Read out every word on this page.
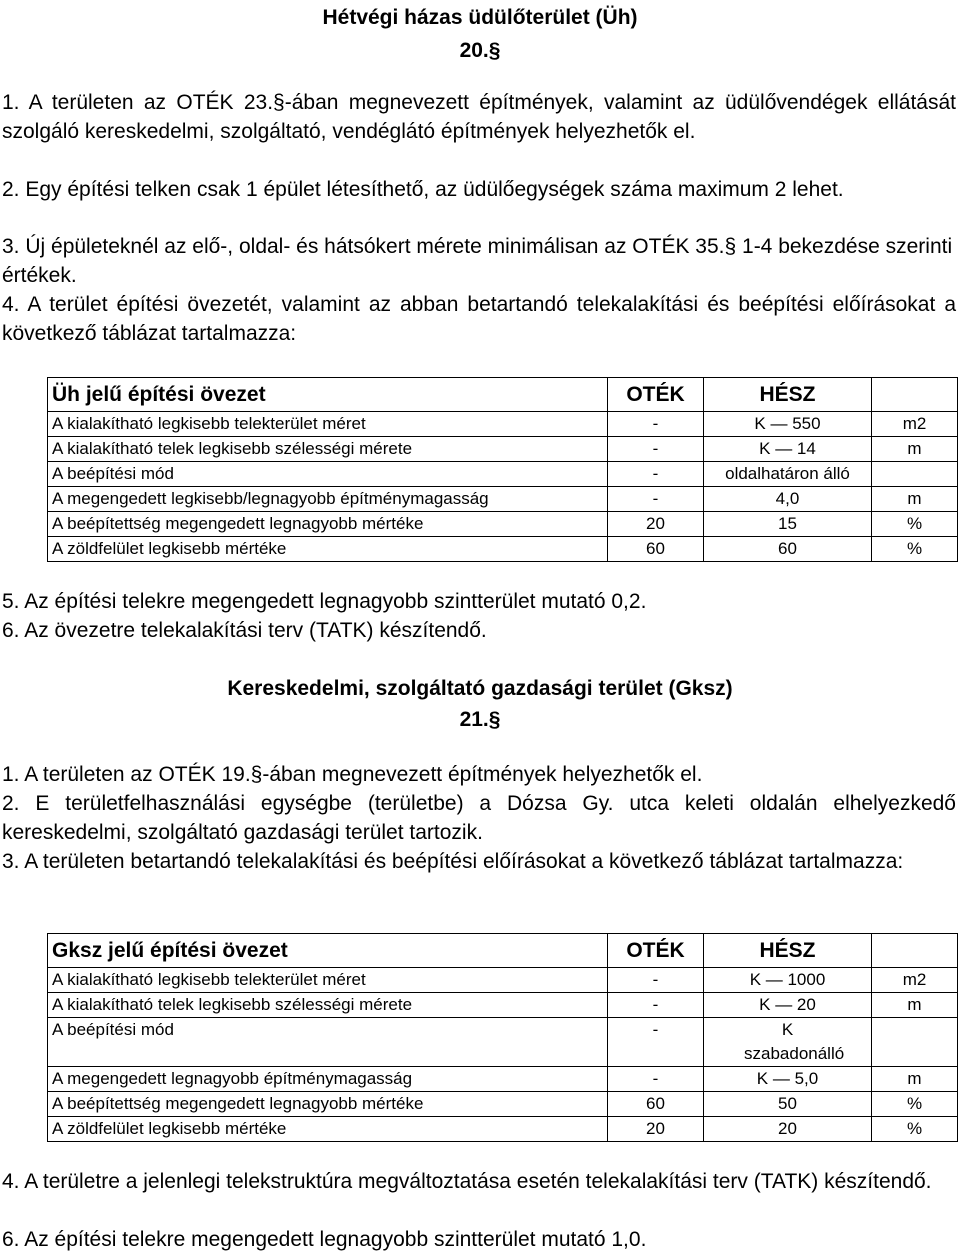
Hétvégi házas üdülőterület (Üh)
20.§
1. A területen az OTÉK 23.§-ában megnevezett építmények, valamint az üdülővendégek ellátását szolgáló kereskedelmi, szolgáltató, vendéglátó építmények helyezhetők el.
2. Egy építési telken csak 1 épület létesíthető, az üdülőegységek száma maximum 2 lehet.
3. Új épületeknél az elő-, oldal- és hátsókert mérete minimálisan az OTÉK 35.§ 1-4 bekezdése szerinti értékek.
4. A terület építési övezetét, valamint az abban betartandó telekalakítási és beépítési előírásokat a következő táblázat tartalmazza:
Üh jelű építési övezet	OTÉK	HÉSZ	
A kialakítható legkisebb telekterület méret	-	K — 550	m2
A kialakítható telek legkisebb szélességi mérete	-	K — 14	m
A beépítési mód	-	oldalhatáron álló	
A megengedett legkisebb/legnagyobb építménymagasság	-	4,0	m
A beépítettség megengedett legnagyobb mértéke	20	15	%
A zöldfelület legkisebb mértéke	60	60	%
5. Az építési telekre megengedett legnagyobb szintterület mutató 0,2.
6. Az övezetre telekalakítási terv (TATK) készítendő.
Kereskedelmi, szolgáltató gazdasági terület (Gksz)
21.§
1. A területen az OTÉK 19.§-ában megnevezett építmények helyezhetők el.
2. E területfelhasználási egységbe (területbe) a Dózsa Gy. utca keleti oldalán elhelyezkedő kereskedelmi, szolgáltató gazdasági terület tartozik.
3. A területen betartandó telekalakítási és beépítési előírásokat a következő táblázat tartalmazza:
Gksz jelű építési övezet	OTÉK	HÉSZ	
A kialakítható legkisebb telekterület méret	-	K — 1000	m2
A kialakítható telek legkisebb szélességi mérete	-	K — 20	m
A beépítési mód	-	K szabadonálló	
A megengedett legnagyobb építménymagasság	-	K — 5,0	m
A beépítettség megengedett legnagyobb mértéke	60	50	%
A zöldfelület legkisebb mértéke	20	20	%
4. A területre a jelenlegi telekstruktúra megváltoztatása esetén telekalakítási terv (TATK) készítendő.
6. Az építési telekre megengedett legnagyobb szintterület mutató 1,0.
